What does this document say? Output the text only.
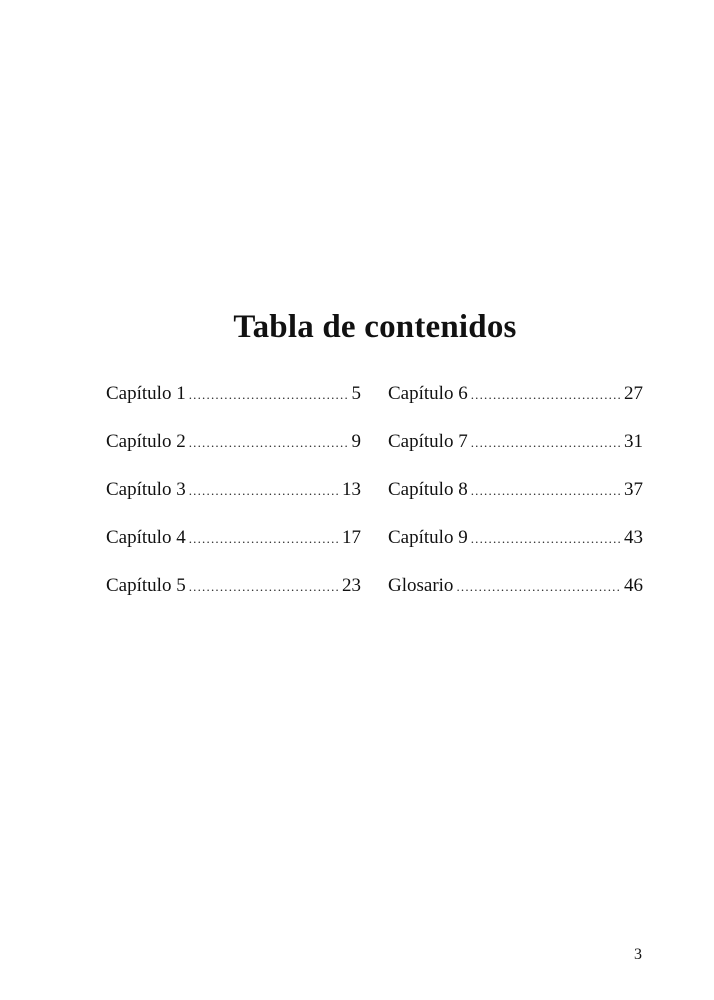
Tabla de contenidos
Capítulo 1 .....	5
Capítulo 2 .....	9
Capítulo 3 .....	13
Capítulo 4 .....	17
Capítulo 5 .....	23
Capítulo 6 .....	27
Capítulo 7 .....	31
Capítulo 8 .....	37
Capítulo 9 .....	43
Glosario .....	46
3
